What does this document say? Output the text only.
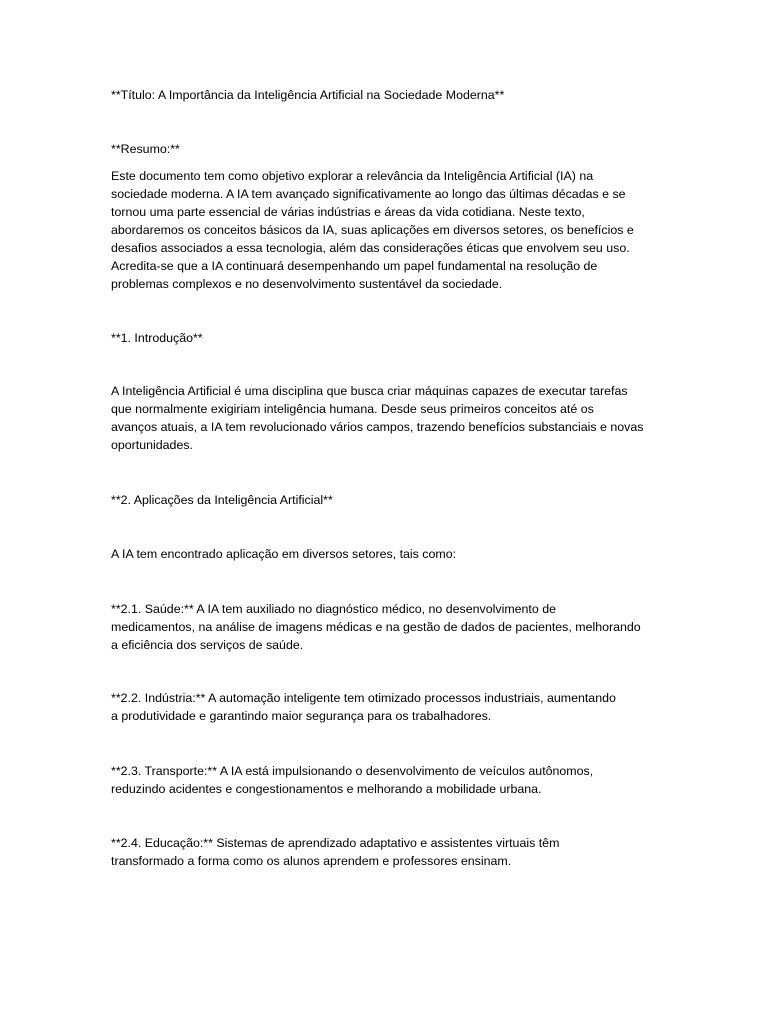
**Título: A Importância da Inteligência Artificial na Sociedade Moderna**

**Resumo:**

Este documento tem como objetivo explorar a relevância da Inteligência Artificial (IA) na
sociedade moderna. A IA tem avançado significativamente ao longo das últimas décadas e se
tornou uma parte essencial de várias indústrias e áreas da vida cotidiana. Neste texto,
abordaremos os conceitos básicos da IA, suas aplicações em diversos setores, os benefícios e
desafios associados a essa tecnologia, além das considerações éticas que envolvem seu uso.
Acredita-se que a IA continuará desempenhando um papel fundamental na resolução de
problemas complexos e no desenvolvimento sustentável da sociedade.

**1. Introdução**

A Inteligência Artificial é uma disciplina que busca criar máquinas capazes de executar tarefas
que normalmente exigiriam inteligência humana. Desde seus primeiros conceitos até os
avanços atuais, a IA tem revolucionado vários campos, trazendo benefícios substanciais e novas
oportunidades.

**2. Aplicações da Inteligência Artificial**

A IA tem encontrado aplicação em diversos setores, tais como:

**2.1. Saúde:** A IA tem auxiliado no diagnóstico médico, no desenvolvimento de
medicamentos, na análise de imagens médicas e na gestão de dados de pacientes, melhorando
a eficiência dos serviços de saúde.

**2.2. Indústria:** A automação inteligente tem otimizado processos industriais, aumentando
a produtividade e garantindo maior segurança para os trabalhadores.

**2.3. Transporte:** A IA está impulsionando o desenvolvimento de veículos autônomos,
reduzindo acidentes e congestionamentos e melhorando a mobilidade urbana.

**2.4. Educação:** Sistemas de aprendizado adaptativo e assistentes virtuais têm
transformado a forma como os alunos aprendem e professores ensinam.
